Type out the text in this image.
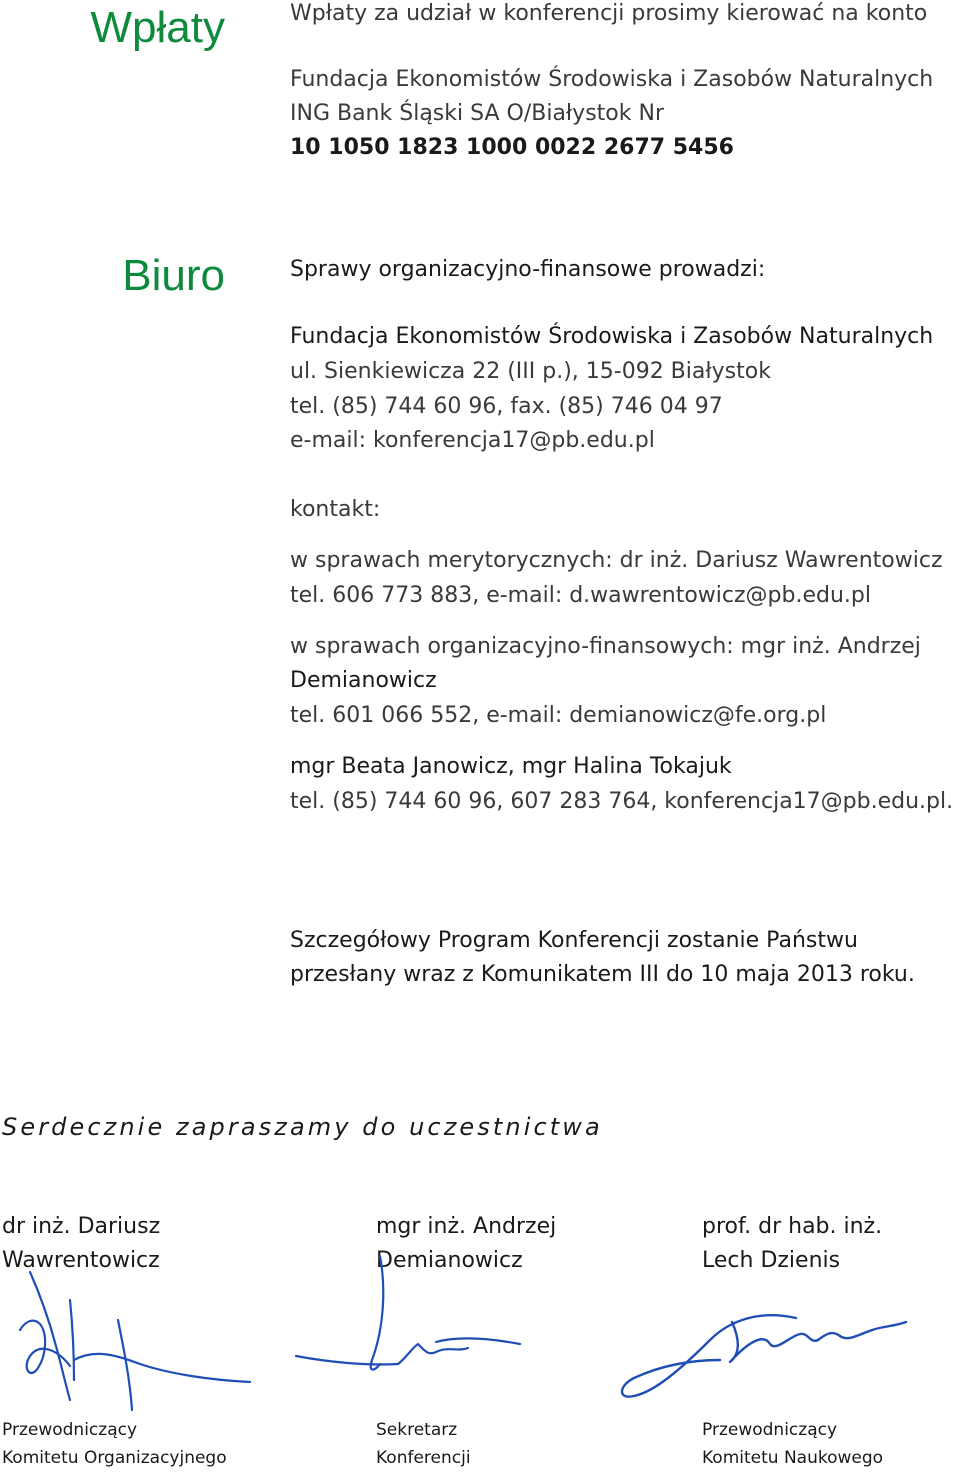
Wpłaty	Wpłaty za udział w konferencji prosimy kierować na konto
Fundacja Ekonomistów Środowiska i Zasobów Naturalnych
ING Bank Śląski SA O/Białystok Nr
10 1050 1823 1000 0022 2677 5456
Biuro	Sprawy organizacyjno-finansowe prowadzi:
Fundacja Ekonomistów Środowiska i Zasobów Naturalnych
ul. Sienkiewicza 22 (III p.), 15-092 Białystok
tel. (85) 744 60 96, fax. (85) 746 04 97
e-mail: konferencja17@pb.edu.pl
kontakt:
w sprawach merytorycznych: dr inż. Dariusz Wawrentowicz
tel. 606 773 883, e-mail: d.wawrentowicz@pb.edu.pl
w sprawach organizacyjno-finansowych: mgr inż. Andrzej
Demianowicz
tel. 601 066 552, e-mail: demianowicz@fe.org.pl
mgr Beata Janowicz, mgr Halina Tokajuk
tel. (85) 744 60 96, 607 283 764, konferencja17@pb.edu.pl.
Szczegółowy Program Konferencji zostanie Państwu
przesłany wraz z Komunikatem III do 10 maja 2013 roku.
Serdecznie zapraszamy do uczestnictwa
dr inż. Dariusz
Wawrentowicz
Przewodniczący
Komitetu Organizacyjnego
mgr inż. Andrzej
Demianowicz
Sekretarz
Konferencji
prof. dr hab. inż.
Lech Dzienis
Przewodniczący
Komitetu Naukowego
